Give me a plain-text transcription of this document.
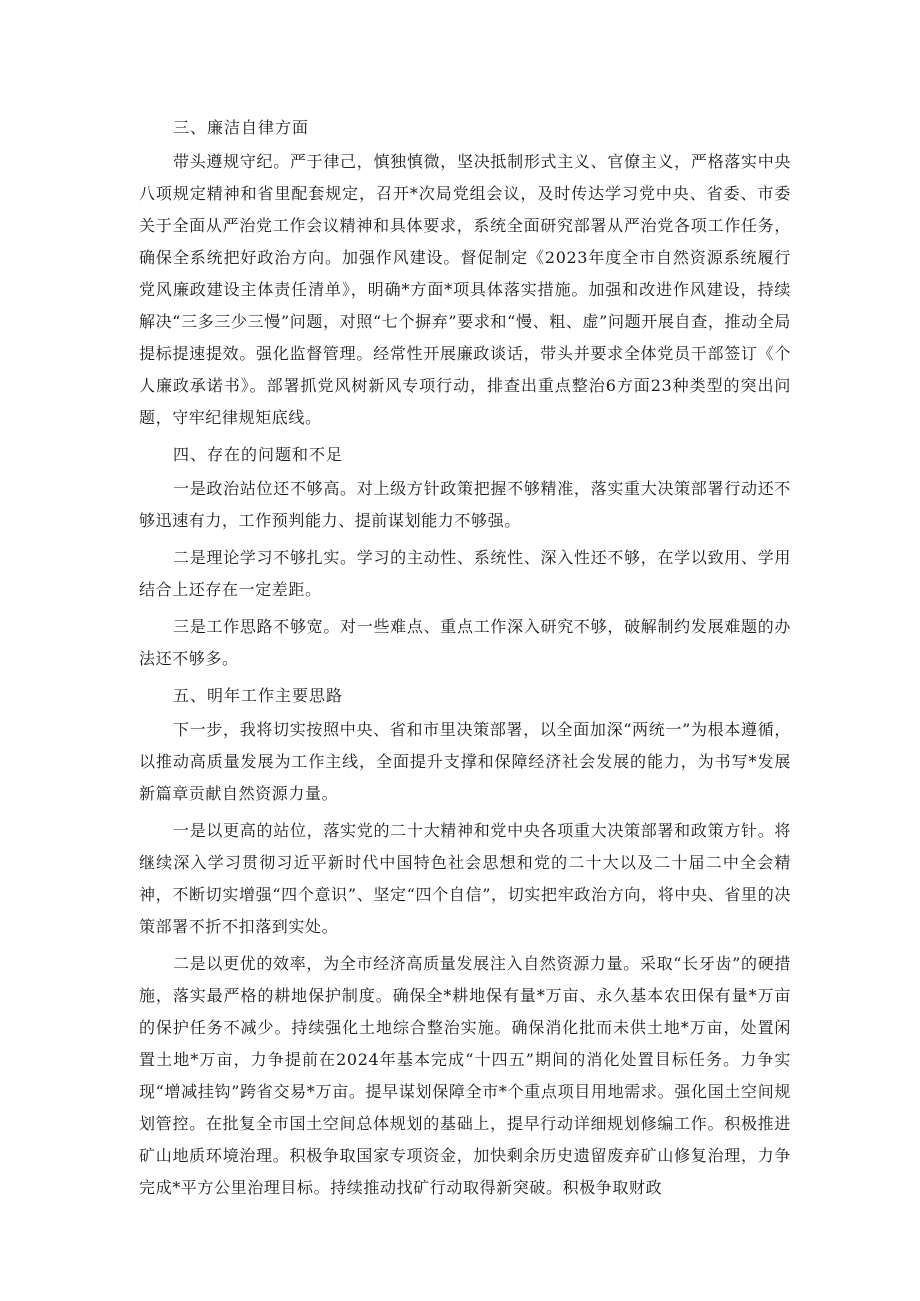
三、廉洁自律方面

带头遵规守纪。严于律己，慎独慎微，坚决抵制形式主义、官僚主义，严格落实中央八项规定精神和省里配套规定，召开*次局党组会议，及时传达学习党中央、省委、市委关于全面从严治党工作会议精神和具体要求，系统全面研究部署从严治党各项工作任务，确保全系统把好政治方向。加强作风建设。督促制定《2023年度全市自然资源系统履行党风廉政建设主体责任清单》，明确*方面*项具体落实措施。加强和改进作风建设，持续解决“三多三少三慢”问题，对照“七个摒弃”要求和“慢、粗、虚”问题开展自查，推动全局提标提速提效。强化监督管理。经常性开展廉政谈话，带头并要求全体党员干部签订《个人廉政承诺书》。部署抓党风树新风专项行动，排查出重点整治6方面23种类型的突出问题，守牢纪律规矩底线。

四、存在的问题和不足

一是政治站位还不够高。对上级方针政策把握不够精准，落实重大决策部署行动还不够迅速有力，工作预判能力、提前谋划能力不够强。

二是理论学习不够扎实。学习的主动性、系统性、深入性还不够，在学以致用、学用结合上还存在一定差距。

三是工作思路不够宽。对一些难点、重点工作深入研究不够，破解制约发展难题的办法还不够多。

五、明年工作主要思路

下一步，我将切实按照中央、省和市里决策部署，以全面加深“两统一”为根本遵循，以推动高质量发展为工作主线，全面提升支撑和保障经济社会发展的能力，为书写*发展新篇章贡献自然资源力量。

一是以更高的站位，落实党的二十大精神和党中央各项重大决策部署和政策方针。将继续深入学习贯彻习近平新时代中国特色社会思想和党的二十大以及二十届二中全会精神，不断切实增强“四个意识”、坚定“四个自信”，切实把牢政治方向，将中央、省里的决策部署不折不扣落到实处。

二是以更优的效率，为全市经济高质量发展注入自然资源力量。采取“长牙齿”的硬措施，落实最严格的耕地保护制度。确保全*耕地保有量*万亩、永久基本农田保有量*万亩的保护任务不减少。持续强化土地综合整治实施。确保消化批而未供土地*万亩，处置闲置土地*万亩，力争提前在2024年基本完成“十四五”期间的消化处置目标任务。力争实现“增减挂钩”跨省交易*万亩。提早谋划保障全市*个重点项目用地需求。强化国土空间规划管控。在批复全市国土空间总体规划的基础上，提早行动详细规划修编工作。积极推进矿山地质环境治理。积极争取国家专项资金，加快剩余历史遗留废弃矿山修复治理，力争完成*平方公里治理目标。持续推动找矿行动取得新突破。积极争取财政
